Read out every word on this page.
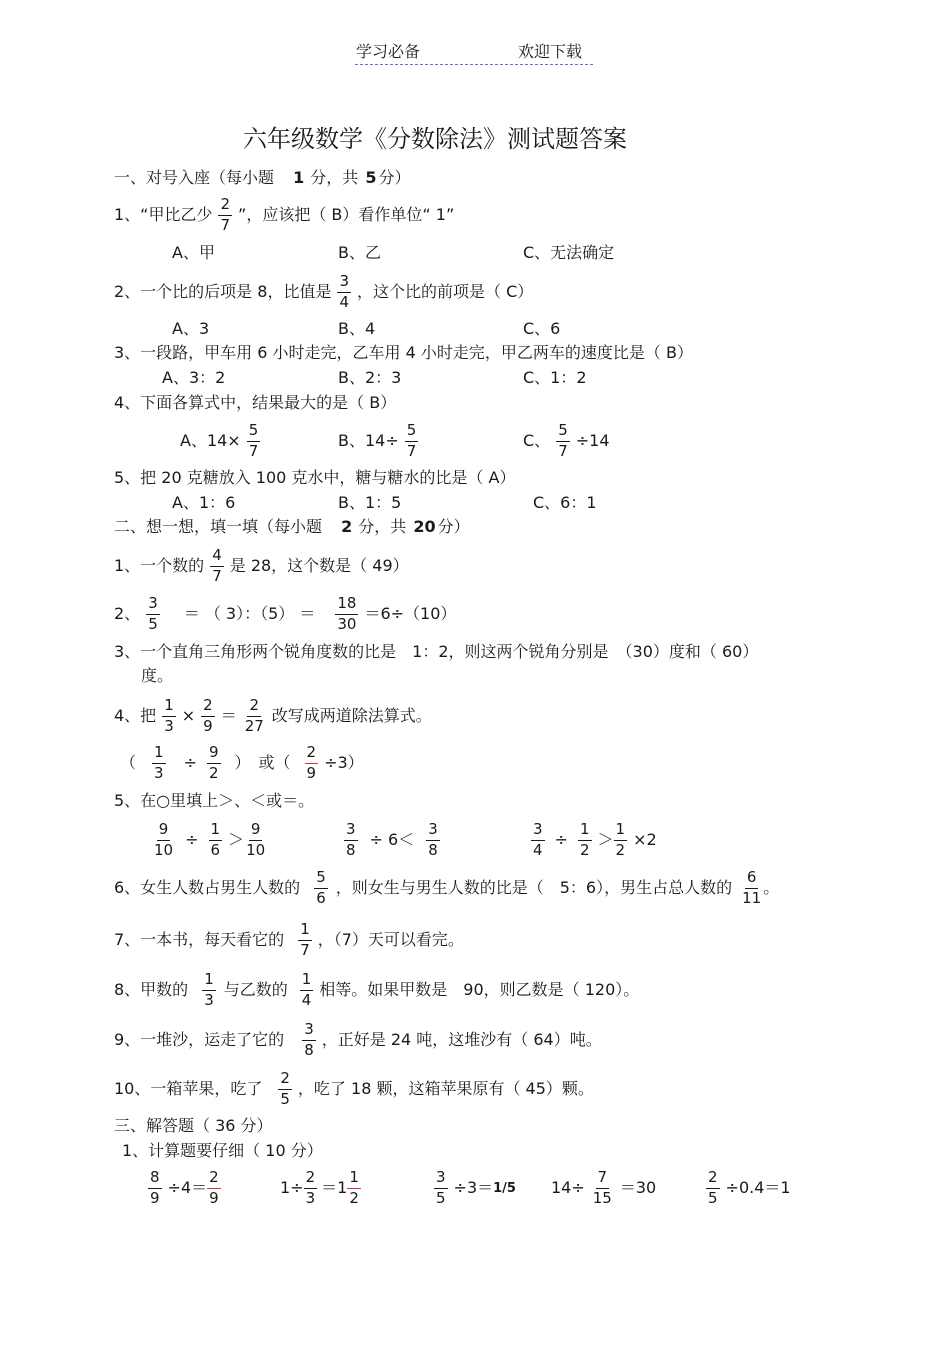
学习必备	欢迎下载
六年级数学《分数除法》测试题答案
一、对号入座（每小题 1 分，共 5 分）
1、“甲比乙少 $\frac{2}{7}$ ”，应该把（ B）看作单位“ 1”
A、甲	B、乙	C、无法确定
2、一个比的后项是 8，比值是 $\frac{3}{4}$ ，这个比的前项是（ C）
A、3	B、4	C、6
3、一段路，甲车用 6 小时走完，乙车用 4 小时走完，甲乙两车的速度比是（ B）
A、3：2	B、2：3	C、1：2
4、下面各算式中，结果最大的是（ B）
A、$14\times \frac{5}{7}$	B、$14\div \frac{5}{7}$	C、 $\frac{5}{7} \div 14$
5、把 20 克糖放入 100 克水中，糖与糖水的比是（ A）
A、1：6	B、1：5	C、6：1
二、想一想，填一填（每小题 2 分，共 20 分）
1、一个数的 $\frac{4}{7}$ 是 28，这个数是（ 49）
2、 $\frac{3}{5}$ ＝ （ 3）：$(5) = \frac{18}{30} =6\div(10)$
3、一个直角三角形两个锐角度数的比是　1：2，则这两个锐角分别是　（30）度和（ 60）
度。
4、把 $\frac{1}{3} \times \frac{2}{9} = \frac{2}{27}$ 改写成两道除法算式。
（ $\frac{1}{3} \div \frac{9}{2}$ ）　或（ $\frac{2}{9} \div 3$）
5、在○里填上＞、＜或＝。
$\frac{9}{10} \div \frac{1}{6} > \frac{9}{10}$	$\frac{3}{8} \div 6< \frac{3}{8}$	$\frac{3}{4} \div \frac{1}{2} > \frac{1}{2} \times 2$
6、女生人数占男生人数的 $\frac{5}{6}$ ，则女生与男生人数的比是（　5：6），男生占总人数的 $\frac{6}{11}$ 。
7、一本书，每天看它的 $\frac{1}{7}$ ，（7）天可以看完。
8、甲数的 $\frac{1}{3}$ 与乙数的 $\frac{1}{4}$ 相等。如果甲数是　90，则乙数是（ 120）。
9、一堆沙，运走了它的 $\frac{3}{8}$ ，正好是 24 吨，这堆沙有（ 64）吨。
10、一箱苹果，吃了 $\frac{2}{5}$ ，吃了 18 颗，这箱苹果原有（ 45）颗。
三、解答题（ 36 分）
1、计算题要仔细（ 10 分）
$\frac{8}{9} \div 4= \frac{2}{9}$	$1\div \frac{2}{3} =1 \frac{1}{2}$	$\frac{3}{5} \div 3= 1/5$ $14\div \frac{7}{15} =30$	$\frac{2}{5} \div 0.4=1$
